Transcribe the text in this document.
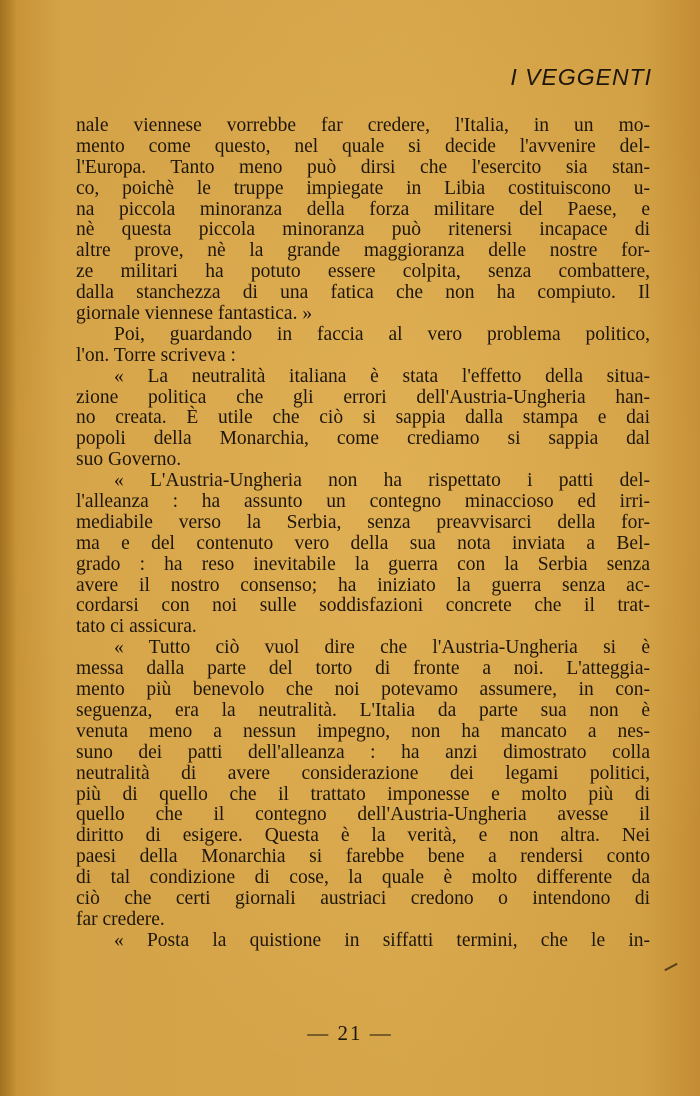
I VEGGENTI
nale viennese vorrebbe far credere, l'Italia, in un mo-
mento come questo, nel quale si decide l'avvenire del-
l'Europa. Tanto meno può dirsi che l'esercito sia stan-
co, poichè le truppe impiegate in Libia costituiscono u-
na piccola minoranza della forza militare del Paese, e
nè questa piccola minoranza può ritenersi incapace di
altre prove, nè la grande maggioranza delle nostre for-
ze militari ha potuto essere colpita, senza combattere,
dalla stanchezza di una fatica che non ha compiuto. Il
giornale viennese fantastica. »
Poi, guardando in faccia al vero problema politico,
l'on. Torre scriveva :
« La neutralità italiana è stata l'effetto della situa-
zione politica che gli errori dell'Austria-Ungheria han-
no creata. È utile che ciò si sappia dalla stampa e dai
popoli della Monarchia, come crediamo si sappia dal
suo Governo.
« L'Austria-Ungheria non ha rispettato i patti del-
l'alleanza : ha assunto un contegno minaccioso ed irri-
mediabile verso la Serbia, senza preavvisarci della for-
ma e del contenuto vero della sua nota inviata a Bel-
grado : ha reso inevitabile la guerra con la Serbia senza
avere il nostro consenso; ha iniziato la guerra senza ac-
cordarsi con noi sulle soddisfazioni concrete che il trat-
tato ci assicura.
« Tutto ciò vuol dire che l'Austria-Ungheria si è
messa dalla parte del torto di fronte a noi. L'atteggia-
mento più benevolo che noi potevamo assumere, in con-
seguenza, era la neutralità. L'Italia da parte sua non è
venuta meno a nessun impegno, non ha mancato a nes-
suno dei patti dell'alleanza : ha anzi dimostrato colla
neutralità di avere considerazione dei legami politici,
più di quello che il trattato imponesse e molto più di
quello che il contegno dell'Austria-Ungheria avesse il
diritto di esigere. Questa è la verità, e non altra. Nei
paesi della Monarchia si farebbe bene a rendersi conto
di tal condizione di cose, la quale è molto differente da
ciò che certi giornali austriaci credono o intendono di
far credere.
« Posta la quistione in siffatti termini, che le in-
— 21 —
